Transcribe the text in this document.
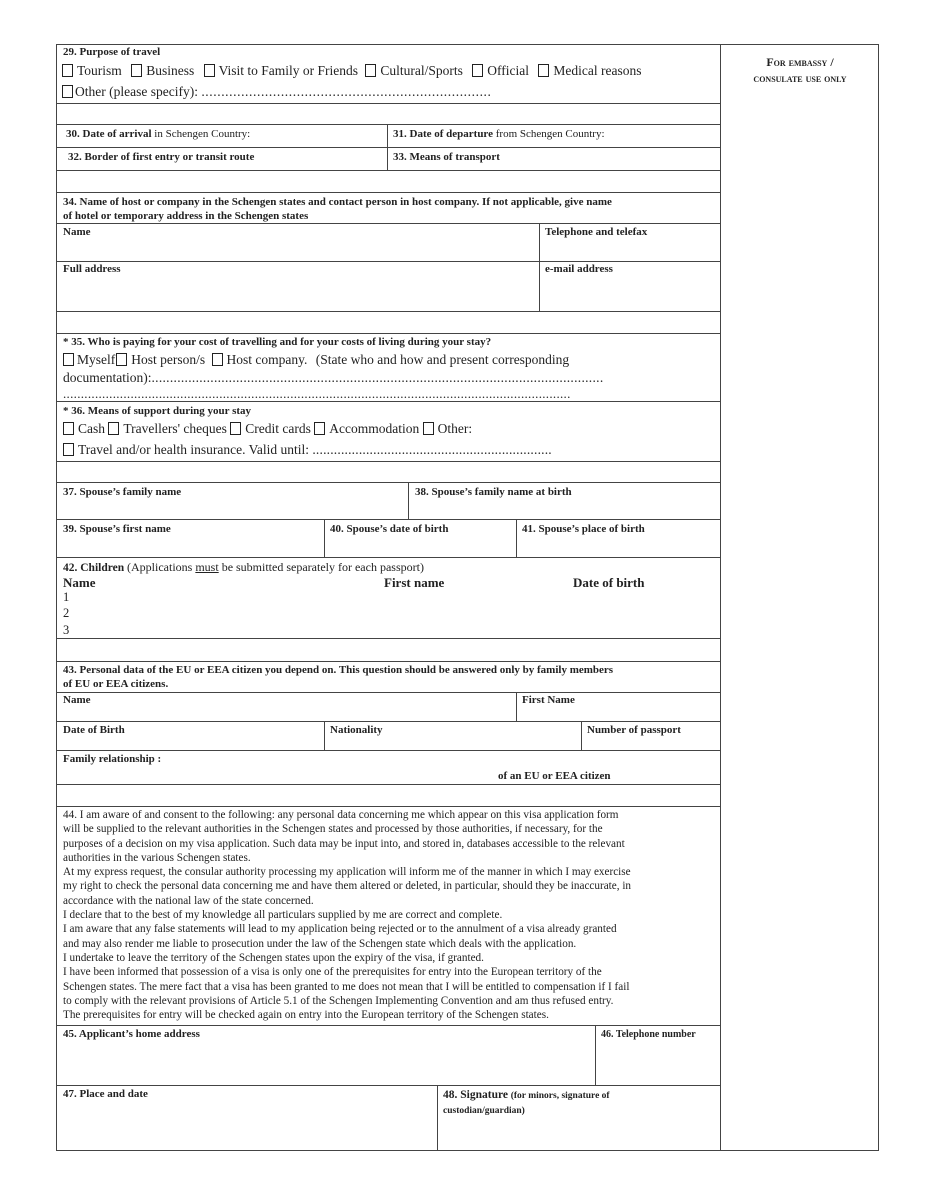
For embassy /
consulate use only
29. Purpose of travel
Tourism Business Visit to Family or Friends Cultural/Sports Official Medical reasons
Other (please specify): .........................................................................
30. Date of arrival in Schengen Country:	31. Date of departure from Schengen Country:
32. Border of first entry or transit route	33. Means of transport
34. Name of host or company in the Schengen states and contact person in host company. If not applicable, give name
of hotel or temporary address in the Schengen states
Name	Telephone and telefax
Full address	e-mail address
* 35. Who is paying for your cost of travelling and for your costs of living during your stay?
Myself Host person/s Host company. (State who and how and present corresponding
documentation):...........................................................................................................................
...............................................................................................................................................
* 36. Means of support during your stay
Cash Travellers' cheques Credit cards Accommodation Other:
Travel and/or health insurance. Valid until: ...................................................................
37. Spouse’s family name	38. Spouse’s family name at birth
39. Spouse’s first name	40. Spouse’s date of birth	41. Spouse’s place of birth
42. Children (Applications must be submitted separately for each passport)
Name	First name	Date of birth
1
2
3
43. Personal data of the EU or EEA citizen you depend on. This question should be answered only by family members
of EU or EEA citizens.
Name	First Name
Date of Birth	Nationality	Number of passport
Family relationship :
of an EU or EEA citizen
44. I am aware of and consent to the following: any personal data concerning me which appear on this visa application form
will be supplied to the relevant authorities in the Schengen states and processed by those authorities, if necessary, for the
purposes of a decision on my visa application. Such data may be input into, and stored in, databases accessible to the relevant
authorities in the various Schengen states.
At my express request, the consular authority processing my application will inform me of the manner in which I may exercise
my right to check the personal data concerning me and have them altered or deleted, in particular, should they be inaccurate, in
accordance with the national law of the state concerned.
I declare that to the best of my knowledge all particulars supplied by me are correct and complete.
I am aware that any false statements will lead to my application being rejected or to the annulment of a visa already granted
and may also render me liable to prosecution under the law of the Schengen state which deals with the application.
I undertake to leave the territory of the Schengen states upon the expiry of the visa, if granted.
I have been informed that possession of a visa is only one of the prerequisites for entry into the European territory of the
Schengen states. The mere fact that a visa has been granted to me does not mean that I will be entitled to compensation if I fail
to comply with the relevant provisions of Article 5.1 of the Schengen Implementing Convention and am thus refused entry.
The prerequisites for entry will be checked again on entry into the European territory of the Schengen states.
45. Applicant’s home address	46. Telephone number
47. Place and date	48. Signature (for minors, signature of
custodian/guardian)
